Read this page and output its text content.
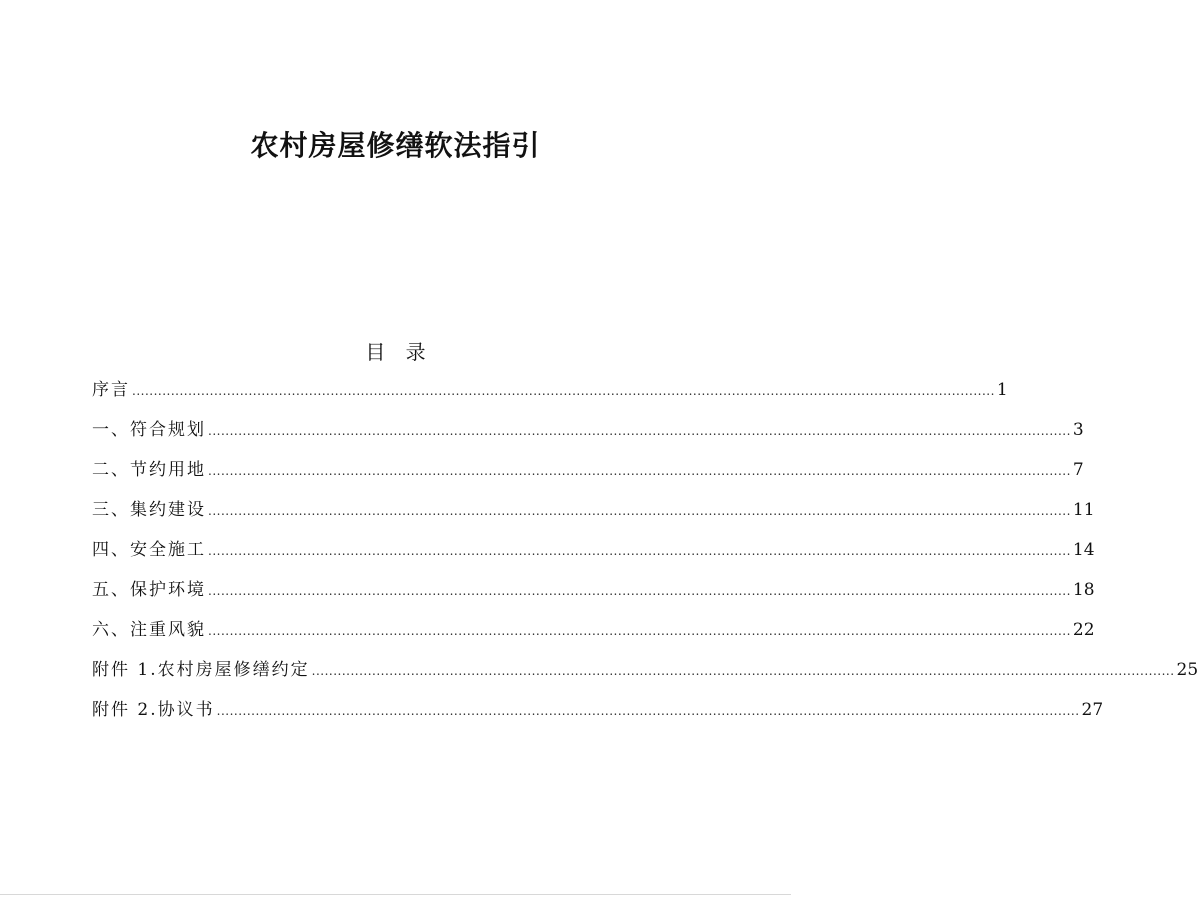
农村房屋修缮软法指引
目 录
序言 ........................................................................................................................................................................................................ 1
一、符合规划 ........................................................................................................................................................................................................ 3
二、节约用地 ........................................................................................................................................................................................................ 7
三、集约建设 ........................................................................................................................................................................................................ 11
四、安全施工 ........................................................................................................................................................................................................ 14
五、保护环境 ........................................................................................................................................................................................................ 18
六、注重风貌 ........................................................................................................................................................................................................ 22
附件 1.农村房屋修缮约定 ........................................................................................................................................................................................................ 25
附件 2.协议书 ........................................................................................................................................................................................................ 27
